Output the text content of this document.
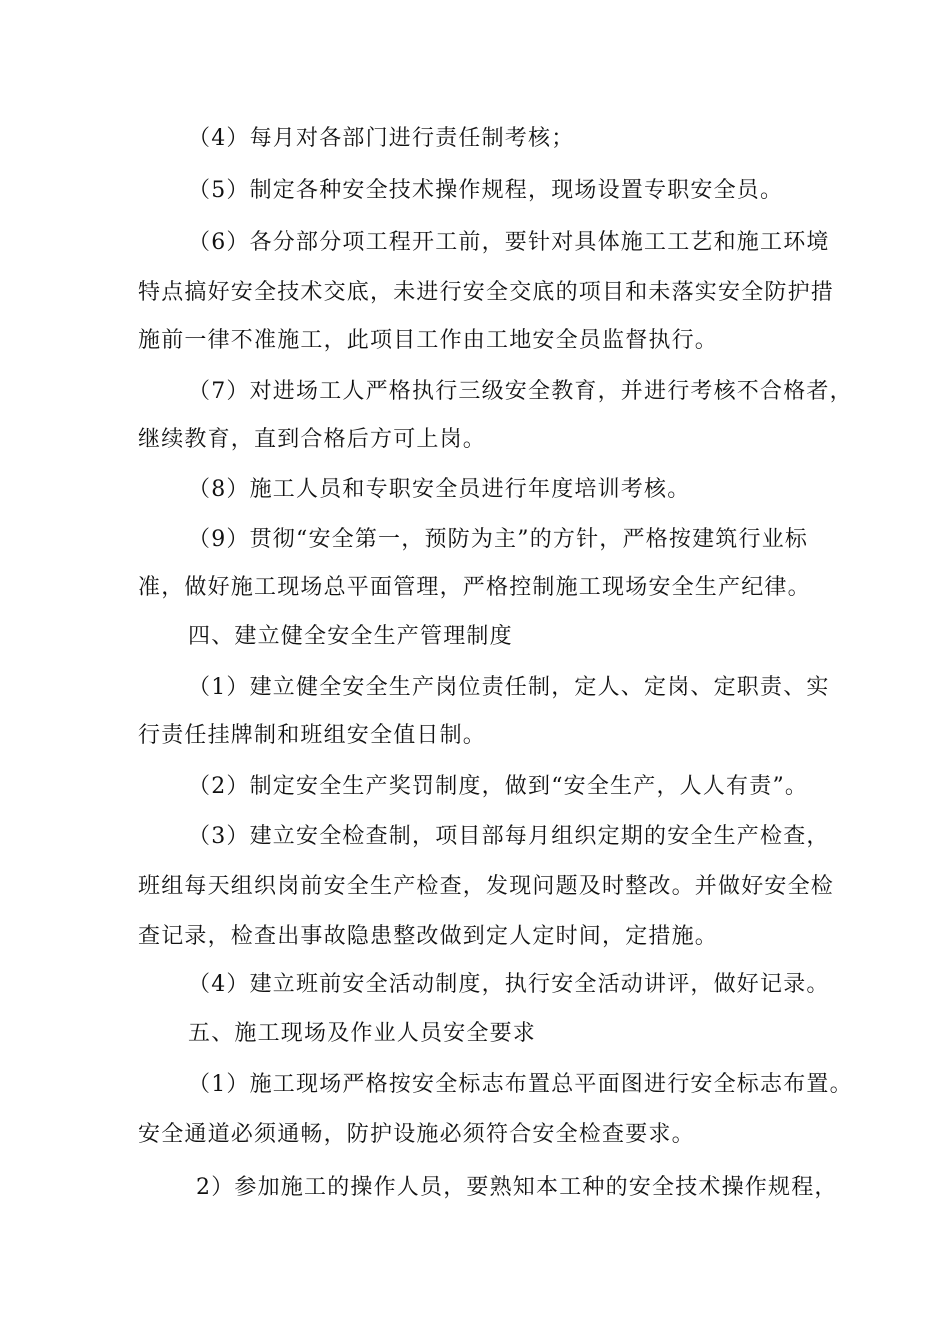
（4）每月对各部门进行责任制考核；

（5）制定各种安全技术操作规程，现场设置专职安全员。

（6）各分部分项工程开工前，要针对具体施工工艺和施工环境

特点搞好安全技术交底，未进行安全交底的项目和未落实安全防护措

施前一律不准施工，此项目工作由工地安全员监督执行。

（7）对进场工人严格执行三级安全教育，并进行考核不合格者，

继续教育，直到合格后方可上岗。

（8）施工人员和专职安全员进行年度培训考核。

（9）贯彻“安全第一，预防为主”的方针，严格按建筑行业标

准，做好施工现场总平面管理，严格控制施工现场安全生产纪律。

四、建立健全安全生产管理制度

（1）建立健全安全生产岗位责任制，定人、定岗、定职责、实

行责任挂牌制和班组安全值日制。

（2）制定安全生产奖罚制度，做到“安全生产，人人有责”。

（3）建立安全检查制，项目部每月组织定期的安全生产检查，

班组每天组织岗前安全生产检查，发现问题及时整改。并做好安全检

查记录，检查出事故隐患整改做到定人定时间，定措施。

（4）建立班前安全活动制度，执行安全活动讲评，做好记录。

五、施工现场及作业人员安全要求

（1）施工现场严格按安全标志布置总平面图进行安全标志布置。

安全通道必须通畅，防护设施必须符合安全检查要求。

2）参加施工的操作人员，要熟知本工种的安全技术操作规程，
